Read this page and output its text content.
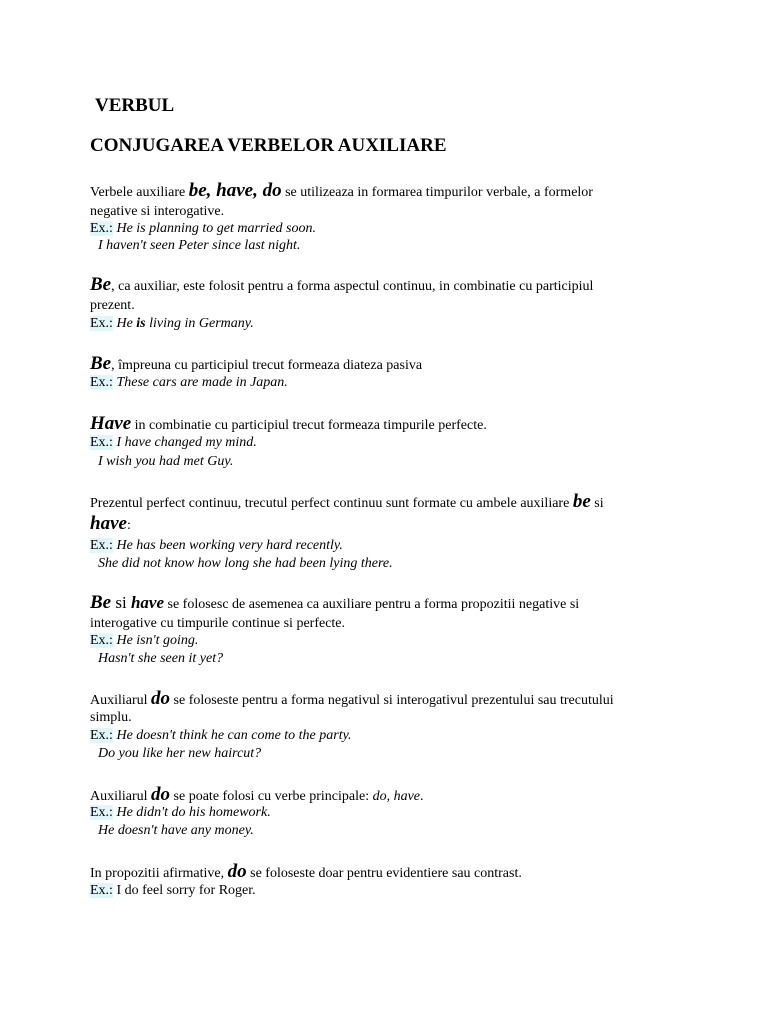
VERBUL
CONJUGAREA VERBELOR AUXILIARE
Verbele auxiliare be, have, do se utilizeaza in formarea timpurilor verbale, a formelor
negative si interogative.
Ex.: He is planning to get married soon.
I haven't seen Peter since last night.
Be, ca auxiliar, este folosit pentru a forma aspectul continuu, in combinatie cu participiul
prezent.
Ex.: He is living in Germany.
Be, împreuna cu participiul trecut formeaza diateza pasiva
Ex.: These cars are made in Japan.
Have in combinatie cu participiul trecut formeaza timpurile perfecte.
Ex.: I have changed my mind.
I wish you had met Guy.
Prezentul perfect continuu, trecutul perfect continuu sunt formate cu ambele auxiliare be si
have:
Ex.: He has been working very hard recently.
She did not know how long she had been lying there.
Be si have se folosesc de asemenea ca auxiliare pentru a forma propozitii negative si
interogative cu timpurile continue si perfecte.
Ex.: He isn't going.
Hasn't she seen it yet?
Auxiliarul do se foloseste pentru a forma negativul si interogativul prezentului sau trecutului
simplu.
Ex.: He doesn't think he can come to the party.
Do you like her new haircut?
Auxiliarul do se poate folosi cu verbe principale: do, have.
Ex.: He didn't do his homework.
He doesn't have any money.
In propozitii afirmative, do se foloseste doar pentru evidentiere sau contrast.
Ex.: I do feel sorry for Roger.
